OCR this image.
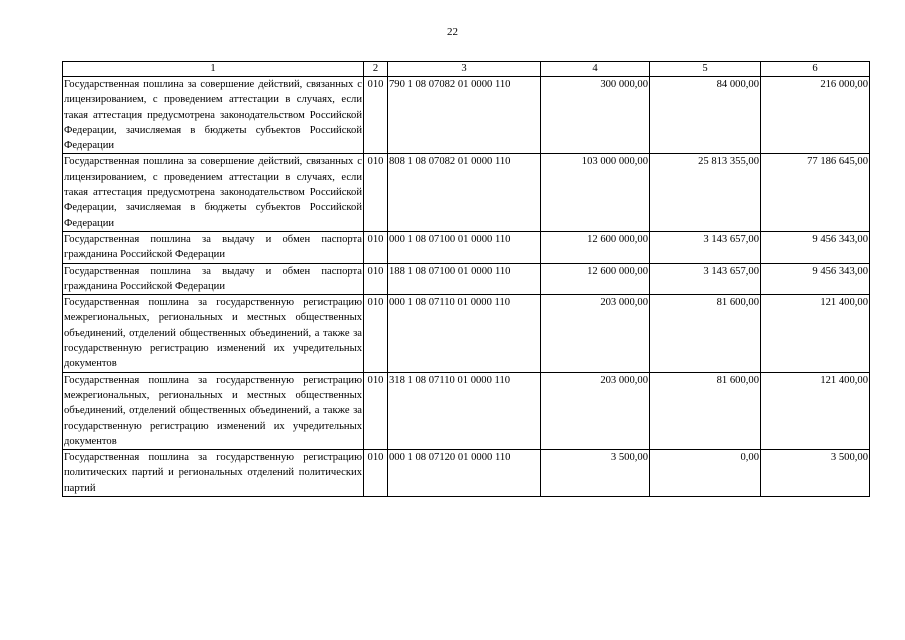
22
1	2	3	4	5	6
Государственная пошлина за совершение действий, связанных с лицензированием, с проведением аттестации в случаях, если такая аттестация предусмотрена законодательством Российской Федерации, зачисляемая в бюджеты субъектов Российской Федерации	010	790 1 08 07082 01 0000 110	300 000,00	84 000,00	216 000,00
Государственная пошлина за совершение действий, связанных с лицензированием, с проведением аттестации в случаях, если такая аттестация предусмотрена законодательством Российской Федерации, зачисляемая в бюджеты субъектов Российской Федерации	010	808 1 08 07082 01 0000 110	103 000 000,00	25 813 355,00	77 186 645,00
Государственная пошлина за выдачу и обмен паспорта гражданина Российской Федерации	010	000 1 08 07100 01 0000 110	12 600 000,00	3 143 657,00	9 456 343,00
Государственная пошлина за выдачу и обмен паспорта гражданина Российской Федерации	010	188 1 08 07100 01 0000 110	12 600 000,00	3 143 657,00	9 456 343,00
Государственная пошлина за государственную регистрацию межрегиональных, региональных и местных общественных объединений, отделений общественных объединений, а также за государственную регистрацию изменений их учредительных документов	010	000 1 08 07110 01 0000 110	203 000,00	81 600,00	121 400,00
Государственная пошлина за государственную регистрацию межрегиональных, региональных и местных общественных объединений, отделений общественных объединений, а также за государственную регистрацию изменений их учредительных документов	010	318 1 08 07110 01 0000 110	203 000,00	81 600,00	121 400,00
Государственная пошлина за государственную регистрацию политических партий и региональных отделений политических партий	010	000 1 08 07120 01 0000 110	3 500,00	0,00	3 500,00
